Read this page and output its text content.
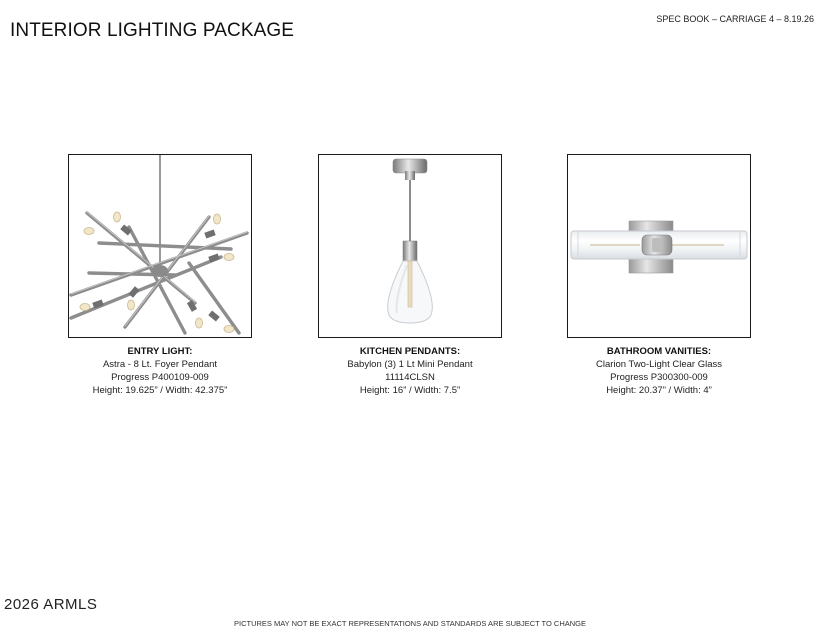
INTERIOR LIGHTING PACKAGE
SPEC BOOK – CARRIAGE 4 – 8.19.26
ENTRY LIGHT:
Astra - 8 Lt. Foyer Pendant
Progress P400109-009
Height: 19.625” / Width: 42.375”
KITCHEN PENDANTS:
Babylon (3) 1 Lt Mini Pendant
11114CLSN
Height: 16” / Width: 7.5”
BATHROOM VANITIES:
Clarion Two-Light Clear Glass
Progress P300300-009
Height: 20.37” / Width: 4”
2026 ARMLS
PICTURES MAY NOT BE EXACT REPRESENTATIONS AND STANDARDS ARE SUBJECT TO CHANGE
